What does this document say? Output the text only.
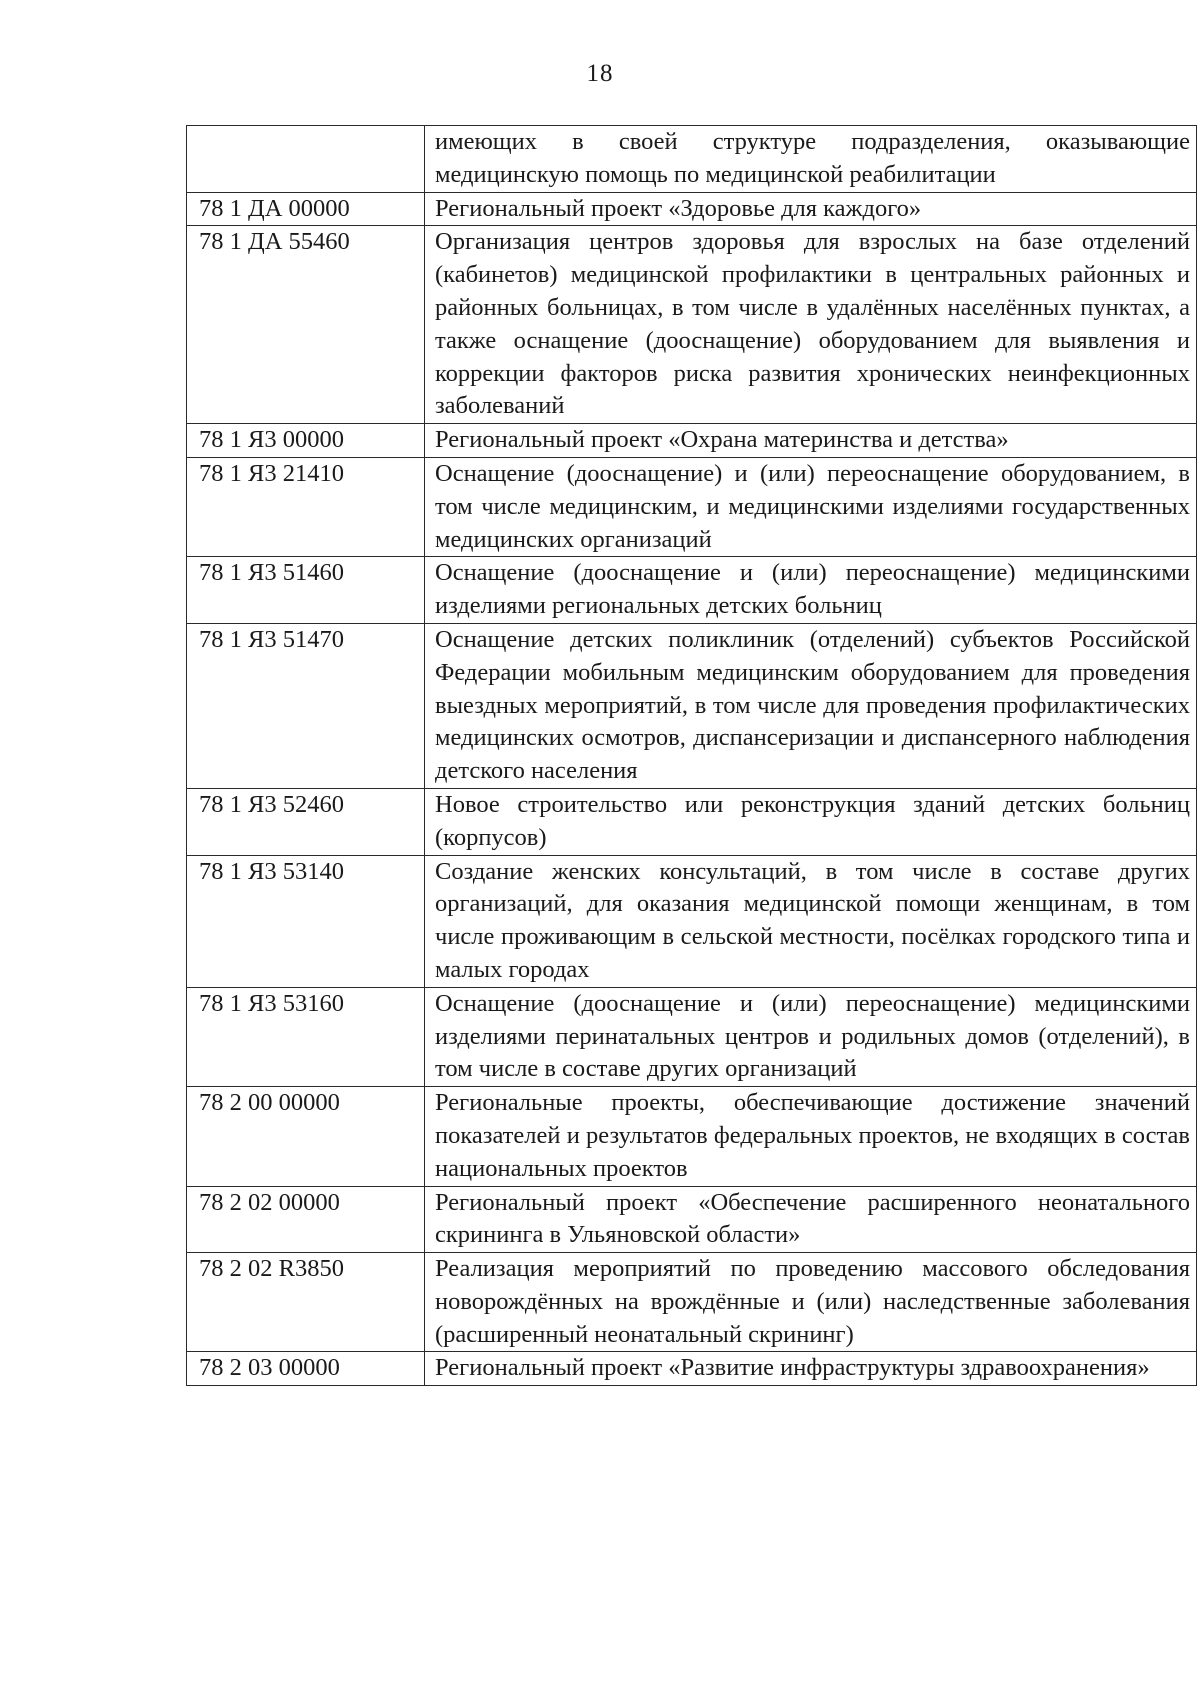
18
	имеющих в своей структуре подразделения, оказывающие медицинскую помощь по медицинской реабилитации
78 1 ДА 00000	Региональный проект «Здоровье для каждого»
78 1 ДА 55460	Организация центров здоровья для взрослых на базе отделений (кабинетов) медицинской профилактики в центральных районных и районных больницах, в том числе в удалённых населённых пунктах, а также оснащение (дооснащение) оборудованием для выявления и коррекции факторов риска развития хронических неинфекционных заболеваний
78 1 Я3 00000	Региональный проект «Охрана материнства и детства»
78 1 Я3 21410	Оснащение (дооснащение) и (или) переоснащение оборудованием, в том числе медицинским, и медицинскими изделиями государственных медицинских организаций
78 1 Я3 51460	Оснащение (дооснащение и (или) переоснащение) медицинскими изделиями региональных детских больниц
78 1 Я3 51470	Оснащение детских поликлиник (отделений) субъектов Российской Федерации мобильным медицинским оборудованием для проведения выездных мероприятий, в том числе для проведения профилактических медицинских осмотров, диспансеризации и диспансерного наблюдения детского населения
78 1 Я3 52460	Новое строительство или реконструкция зданий детских больниц (корпусов)
78 1 Я3 53140	Создание женских консультаций, в том числе в составе других организаций, для оказания медицинской помощи женщинам, в том числе проживающим в сельской местности, посёлках городского типа и малых городах
78 1 Я3 53160	Оснащение (дооснащение и (или) переоснащение) медицинскими изделиями перинатальных центров и родильных домов (отделений), в том числе в составе других организаций
78 2 00 00000	Региональные проекты, обеспечивающие достижение значений показателей и результатов федеральных проектов, не входящих в состав национальных проектов
78 2 02 00000	Региональный проект «Обеспечение расширенного неонатального скрининга в Ульяновской области»
78 2 02 R3850	Реализация мероприятий по проведению массового обследования новорождённых на врождённые и (или) наследственные заболевания (расширенный неонатальный скрининг)
78 2 03 00000	Региональный проект «Развитие инфраструктуры здравоохранения»
